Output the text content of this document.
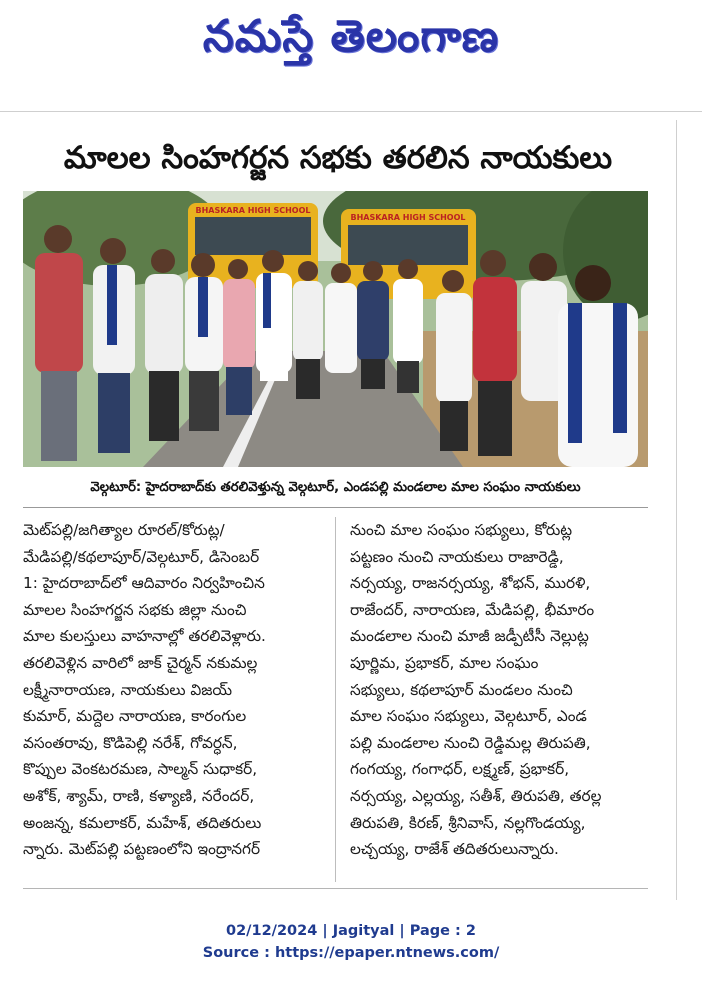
నమస్తే తెలంగాణ
మాలల సింహగర్జన సభకు తరలిన నాయకులు
BHASKARA HIGH SCHOOL
BHASKARA HIGH SCHOOL
వెల్గటూర్: హైదరాబాద్‌కు తరలివెళ్తున్న వెల్గటూర్, ఎండపల్లి మండలాల మాల సంఘం నాయకులు
మెట్‌పల్లి/జగిత్యాల రూరల్/కోరుట్ల/
మేడిపల్లి/కథలాపూర్/వెల్గటూర్, డిసెంబర్
1: హైదరాబాద్‌లో ఆదివారం నిర్వహించిన
మాలల సింహగర్జన సభకు జిల్లా నుంచి
మాల కులస్తులు వాహనాల్లో తరలివెళ్లారు.
తరలివెళ్లిన వారిలో జాక్ చైర్మన్ నకుమల్ల
లక్ష్మీనారాయణ, నాయకులు విజయ్
కుమార్, మద్దెల నారాయణ, కారంగుల
వసంతరావు, కొడిపెల్లి నరేశ్, గోవర్ధన్,
కొప్పుల వెంకటరమణ, సాల్మన్ సుధాకర్,
అశోక్, శ్యామ్, రాణి, కళ్యాణి, నరేందర్,
అంజన్న, కమలాకర్, మహేశ్, తదితరులు
న్నారు. మెట్‌పల్లి పట్టణంలోని ఇంద్రానగర్
నుంచి మాల సంఘం సభ్యులు, కోరుట్ల
పట్టణం నుంచి నాయకులు రాజారెడ్డి,
నర్సయ్య, రాజనర్సయ్య, శోభన్, మురళి,
రాజేందర్, నారాయణ, మేడిపల్లి, భీమారం
మండలాల నుంచి మాజీ జడ్పీటీసీ నెల్లుట్ల
పూర్ణిమ, ప్రభాకర్, మాల సంఘం
సభ్యులు, కథలాపూర్ మండలం నుంచి
మాల సంఘం సభ్యులు, వెల్గటూర్, ఎండ
పల్లి మండలాల నుంచి రెడ్డిమల్ల తిరుపతి,
గంగయ్య, గంగాధర్, లక్ష్మణ్, ప్రభాకర్,
నర్సయ్య, ఎల్లయ్య, సతీశ్, తిరుపతి, తరల్ల
తిరుపతి, కిరణ్, శ్రీనివాస్, నల్లగొండయ్య,
లచ్చయ్య, రాజేశ్ తదితరులున్నారు.
02/12/2024 | Jagityal | Page : 2
Source : https://epaper.ntnews.com/
